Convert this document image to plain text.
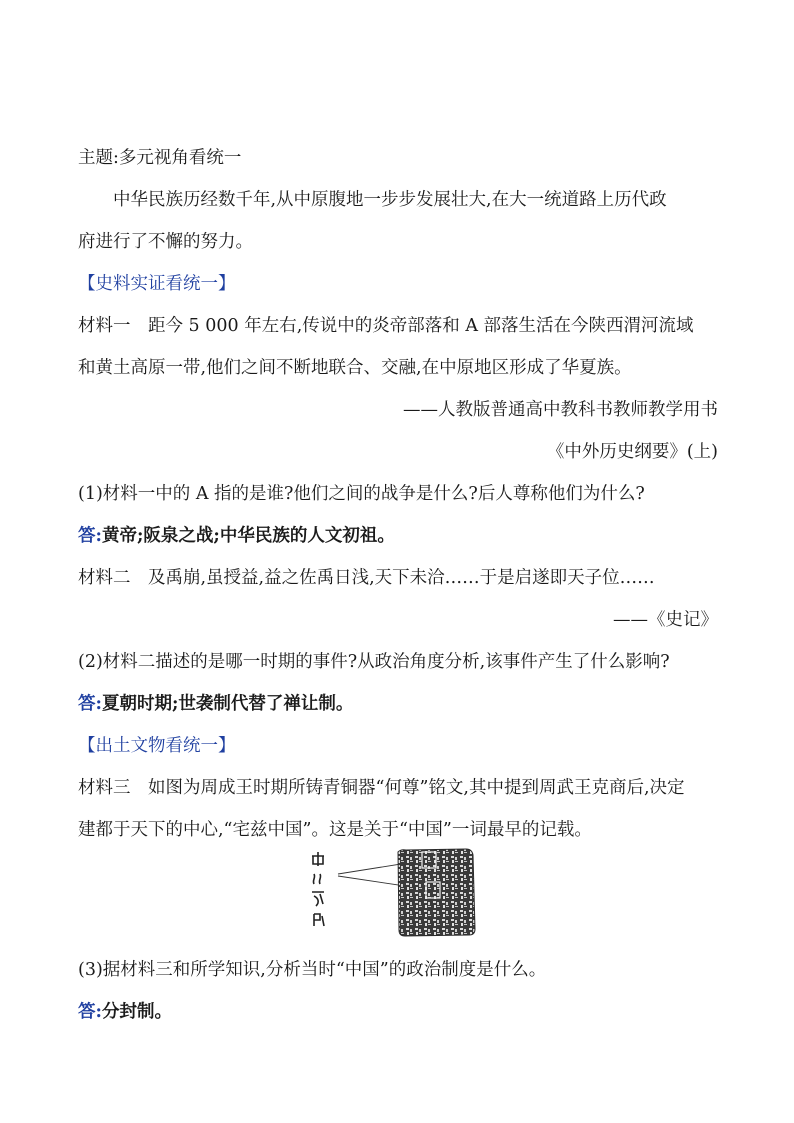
主题:多元视角看统一
中华民族历经数千年,从中原腹地一步步发展壮大,在大一统道路上历代政
府进行了不懈的努力。
【史料实证看统一】
材料一　距今 5 000 年左右,传说中的炎帝部落和 A 部落生活在今陕西渭河流域
和黄土高原一带,他们之间不断地联合、交融,在中原地区形成了华夏族。
——人教版普通高中教科书教师教学用书
《中外历史纲要》(上)
(1)材料一中的 A 指的是谁?他们之间的战争是什么?后人尊称他们为什么?
答:黄帝;阪泉之战;中华民族的人文初祖。
材料二　及禹崩,虽授益,益之佐禹日浅,天下未洽……于是启遂即天子位……
——《史记》
(2)材料二描述的是哪一时期的事件?从政治角度分析,该事件产生了什么影响?
答:夏朝时期;世袭制代替了禅让制。
【出土文物看统一】
材料三　如图为周成王时期所铸青铜器“何尊”铭文,其中提到周武王克商后,决定
建都于天下的中心,“宅兹中国”。这是关于“中国”一词最早的记载。
(3)据材料三和所学知识,分析当时“中国”的政治制度是什么。
答:分封制。
